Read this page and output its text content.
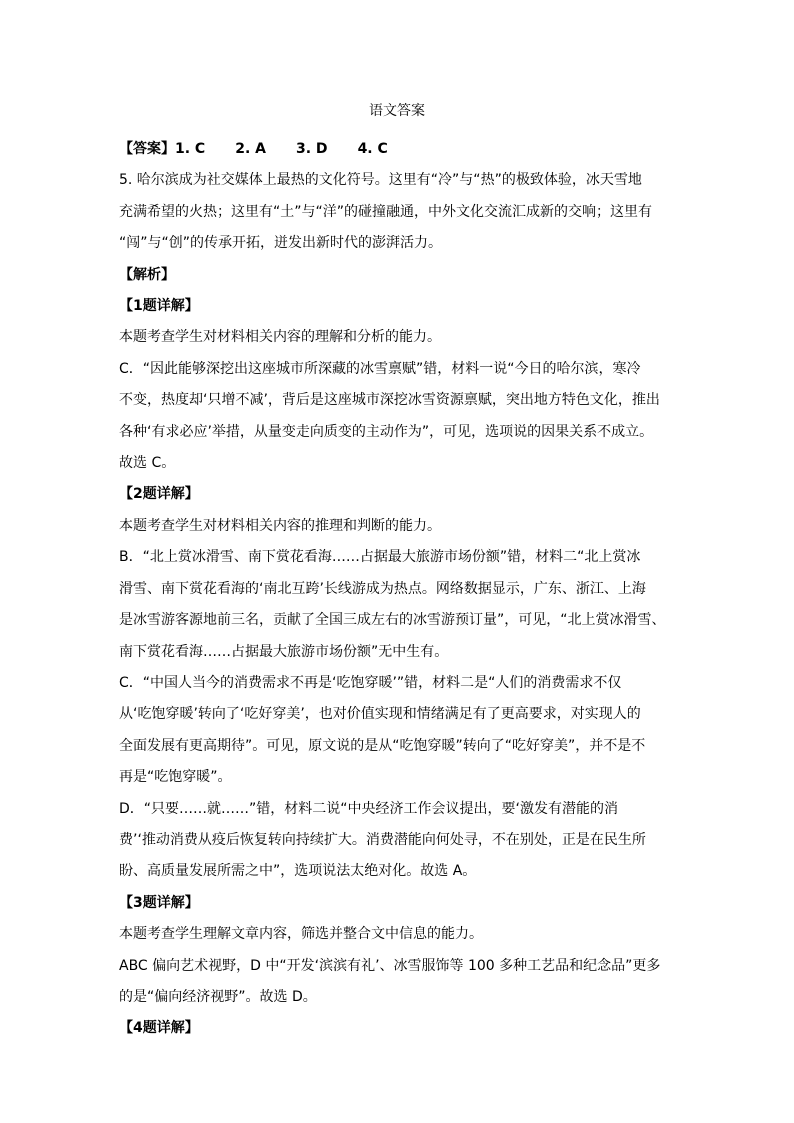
语文答案

【答案】1. C 2. A 3. D 4. C

5. 哈尔滨成为社交媒体上最热的文化符号。这里有“冷”与“热”的极致体验，冰天雪地

充满希望的火热；这里有“土”与“洋”的碰撞融通，中外文化交流汇成新的交响；这里有

“闯”与“创”的传承开拓，迸发出新时代的澎湃活力。

【解析】

【1题详解】

本题考查学生对材料相关内容的理解和分析的能力。

C．“因此能够深挖出这座城市所深藏的冰雪禀赋”错，材料一说“今日的哈尔滨，寒冷

不变，热度却‘只增不减’，背后是这座城市深挖冰雪资源禀赋，突出地方特色文化，推出

各种‘有求必应’举措，从量变走向质变的主动作为”，可见，选项说的因果关系不成立。

故选 C。

【2题详解】

本题考查学生对材料相关内容的推理和判断的能力。

B．“北上赏冰滑雪、南下赏花看海……占据最大旅游市场份额”错，材料二“北上赏冰

滑雪、南下赏花看海的‘南北互跨’长线游成为热点。网络数据显示，广东、浙江、上海

是冰雪游客源地前三名，贡献了全国三成左右的冰雪游预订量”，可见，“北上赏冰滑雪、

南下赏花看海……占据最大旅游市场份额”无中生有。

C．“中国人当今的消费需求不再是‘吃饱穿暖’”错，材料二是“人们的消费需求不仅

从‘吃饱穿暖’转向了‘吃好穿美’，也对价值实现和情绪满足有了更高要求，对实现人的

全面发展有更高期待”。可见，原文说的是从“吃饱穿暖”转向了“吃好穿美”，并不是不

再是“吃饱穿暖”。

D．“只要……就……”错，材料二说“中央经济工作会议提出，要‘激发有潜能的消

费’‘推动消费从疫后恢复转向持续扩大。消费潜能向何处寻，不在别处，正是在民生所

盼、高质量发展所需之中”，选项说法太绝对化。故选 A。

【3题详解】

本题考查学生理解文章内容，筛选并整合文中信息的能力。

ABC 偏向艺术视野，D 中“开发‘滨滨有礼’、冰雪服饰等 100 多种工艺品和纪念品”更多

的是“偏向经济视野”。故选 D。

【4题详解】
